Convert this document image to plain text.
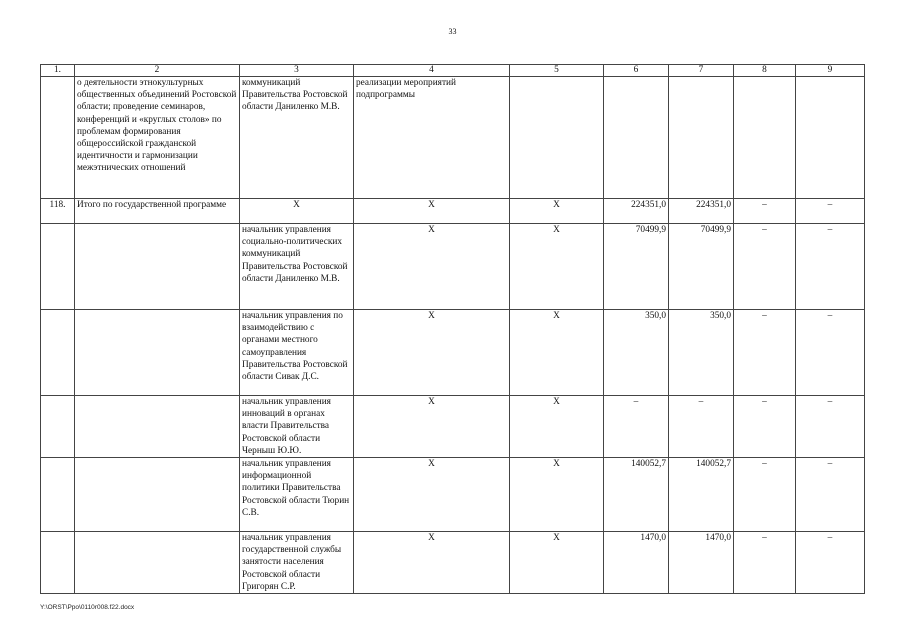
33
1.	2	3	4	5	6	7	8	9
	о деятельности этнокультурных общественных объединений Ростовской области; проведение семинаров, конференций и «круглых столов» по проблемам формирования общероссийской гражданской идентичности и гармонизации межэтнических отношений	коммуникаций Правительства Ростовской области Даниленко М.В.	реализации мероприятий подпрограммы					
118.	Итого по государственной программе	X	X	X	224351,0	224351,0	–	–
		начальник управления социально-политических коммуникаций Правительства Ростовской области Даниленко М.В.	X	X	70499,9	70499,9	–	–
		начальник управления по взаимодействию с органами местного самоуправления Правительства Ростовской области Сивак Д.С.	X	X	350,0	350,0	–	–
		начальник управления инноваций в органах власти Правительства Ростовской области Черныш Ю.Ю.	X	X	–	–	–	–
		начальник управления информационной политики Правительства Ростовской области Тюрин С.В.	X	X	140052,7	140052,7	–	–
		начальник управления государственной службы занятости населения Ростовской области Григорян С.Р.	X	X	1470,0	1470,0	–	–
Y:\ORST\Ppo\0110r008.f22.docx
